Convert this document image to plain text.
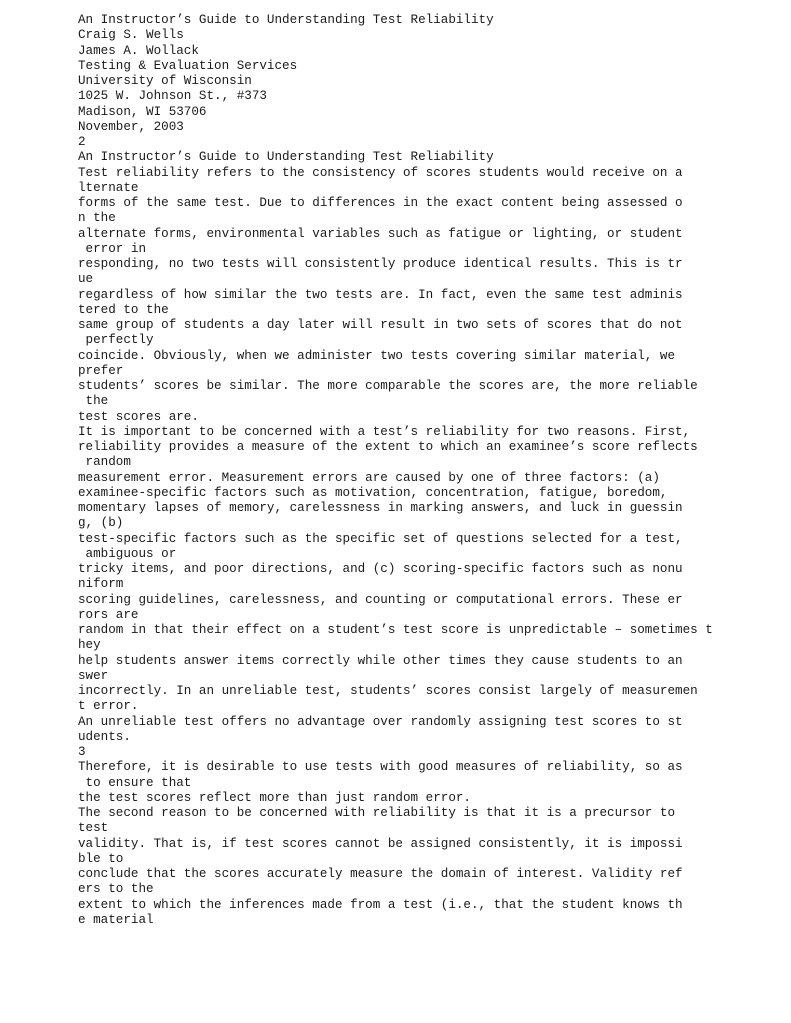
An Instructor’s Guide to Understanding Test Reliability
Craig S. Wells
James A. Wollack
Testing & Evaluation Services
University of Wisconsin
1025 W. Johnson St., #373
Madison, WI 53706
November, 2003
2
An Instructor’s Guide to Understanding Test Reliability
Test reliability refers to the consistency of scores students would receive on a
lternate
forms of the same test. Due to differences in the exact content being assessed o
n the
alternate forms, environmental variables such as fatigue or lighting, or student
error in
responding, no two tests will consistently produce identical results. This is tr
ue
regardless of how similar the two tests are. In fact, even the same test adminis
tered to the
same group of students a day later will result in two sets of scores that do not
perfectly
coincide. Obviously, when we administer two tests covering similar material, we
prefer
students’ scores be similar. The more comparable the scores are, the more reliable
the
test scores are.
It is important to be concerned with a test’s reliability for two reasons. First,
reliability provides a measure of the extent to which an examinee’s score reflects
random
measurement error. Measurement errors are caused by one of three factors: (a)
examinee-specific factors such as motivation, concentration, fatigue, boredom,
momentary lapses of memory, carelessness in marking answers, and luck in guessin
g, (b)
test-specific factors such as the specific set of questions selected for a test,
ambiguous or
tricky items, and poor directions, and (c) scoring-specific factors such as nonu
niform
scoring guidelines, carelessness, and counting or computational errors. These er
rors are
random in that their effect on a student’s test score is unpredictable – sometimes t
hey
help students answer items correctly while other times they cause students to an
swer
incorrectly. In an unreliable test, students’ scores consist largely of measuremen
t error.
An unreliable test offers no advantage over randomly assigning test scores to st
udents.
3
Therefore, it is desirable to use tests with good measures of reliability, so as
to ensure that
the test scores reflect more than just random error.
The second reason to be concerned with reliability is that it is a precursor to
test
validity. That is, if test scores cannot be assigned consistently, it is impossi
ble to
conclude that the scores accurately measure the domain of interest. Validity ref
ers to the
extent to which the inferences made from a test (i.e., that the student knows th
e material
